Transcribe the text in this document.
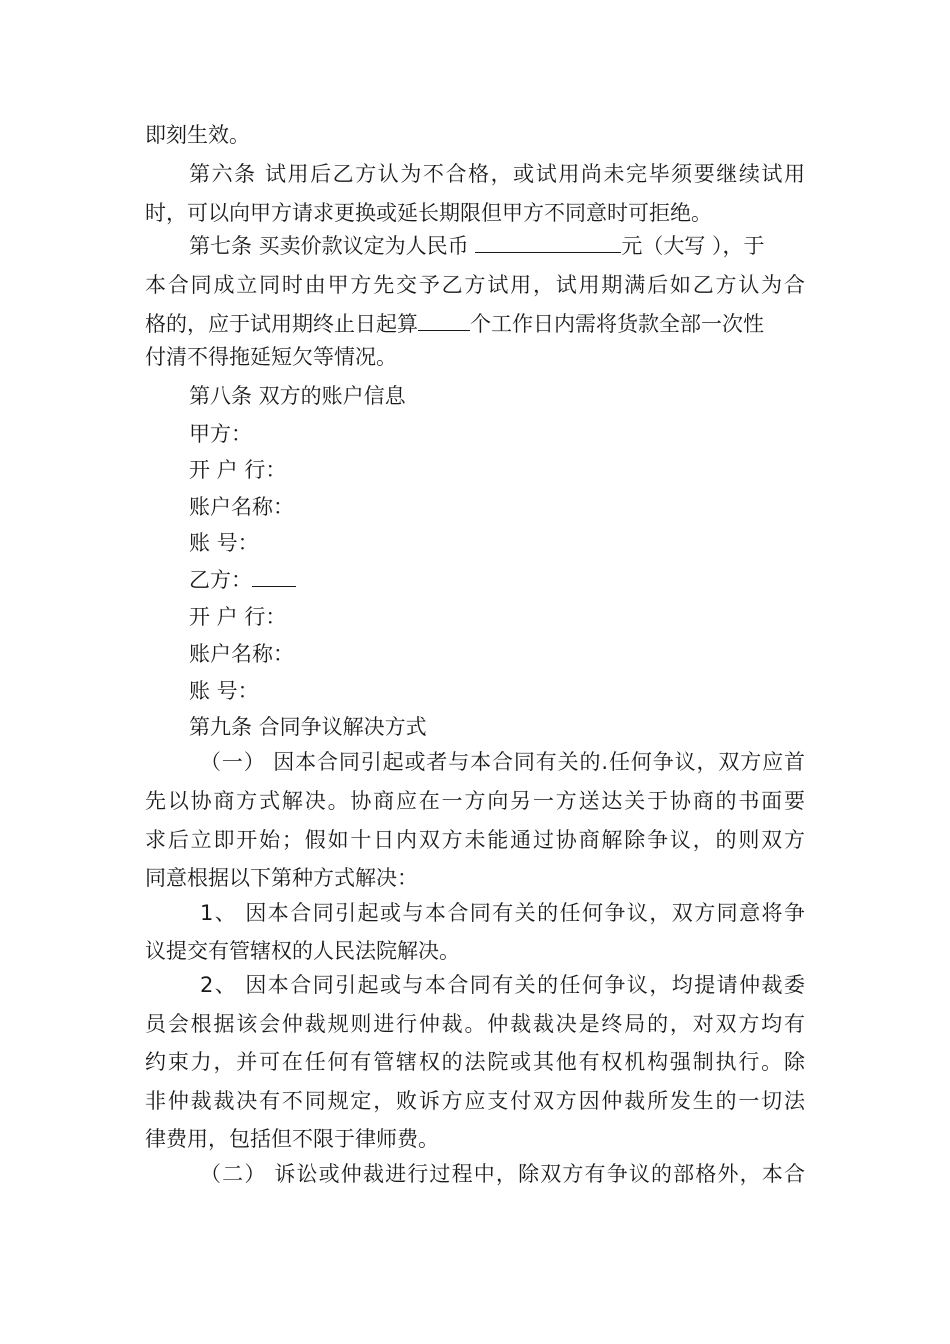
即刻生效。
第六条 试用后乙方认为不合格，或试用尚未完毕须要继续试用
时，可以向甲方请求更换或延长期限但甲方不同意时可拒绝。
第七条 买卖价款议定为人民币	元（大写 ），于
本合同成立同时由甲方先交予乙方试用，试用期满后如乙方认为合
格的，应于试用期终止日起算 个工作日内需将货款全部一次性
付清不得拖延短欠等情况。
第八条 双方的账户信息
甲方：
开 户 行：
账户名称：
账 号：
乙方：
开 户 行：
账户名称：
账 号：
第九条 合同争议解决方式
（一） 因本合同引起或者与本合同有关的.任何争议，双方应首
先以协商方式解决。协商应在一方向另一方送达关于协商的书面要
求后立即开始；假如十日内双方未能通过协商解除争议，的则双方
同意根据以下第种方式解决：
1、 因本合同引起或与本合同有关的任何争议，双方同意将争
议提交有管辖权的人民法院解决。
2、 因本合同引起或与本合同有关的任何争议，均提请仲裁委
员会根据该会仲裁规则进行仲裁。仲裁裁决是终局的，对双方均有
约束力，并可在任何有管辖权的法院或其他有权机构强制执行。除
非仲裁裁决有不同规定，败诉方应支付双方因仲裁所发生的一切法
律费用，包括但不限于律师费。
（二） 诉讼或仲裁进行过程中，除双方有争议的部格外，本合
